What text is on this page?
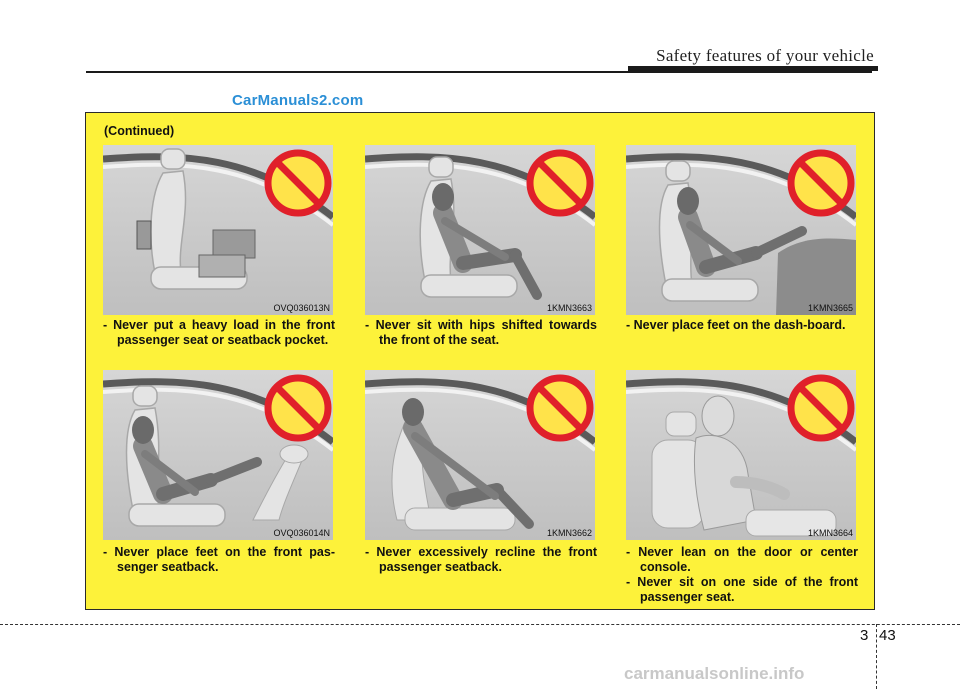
Safety features of your vehicle
CarManuals2.com
(Continued)
OVQ036013N	1KMN3663	1KMN3665
OVQ036014N	1KMN3662	1KMN3664
- Never put a heavy load in the front passenger seat or seatback pocket.
- Never sit with hips shifted towards the front of the seat.
- Never place feet on the dash-board.
- Never place feet on the front pas-senger seatback.
- Never excessively recline the front passenger seatback.
- Never lean on the door or center console.
- Never sit on one side of the front passenger seat.
3 43
carmanualsonline.info
